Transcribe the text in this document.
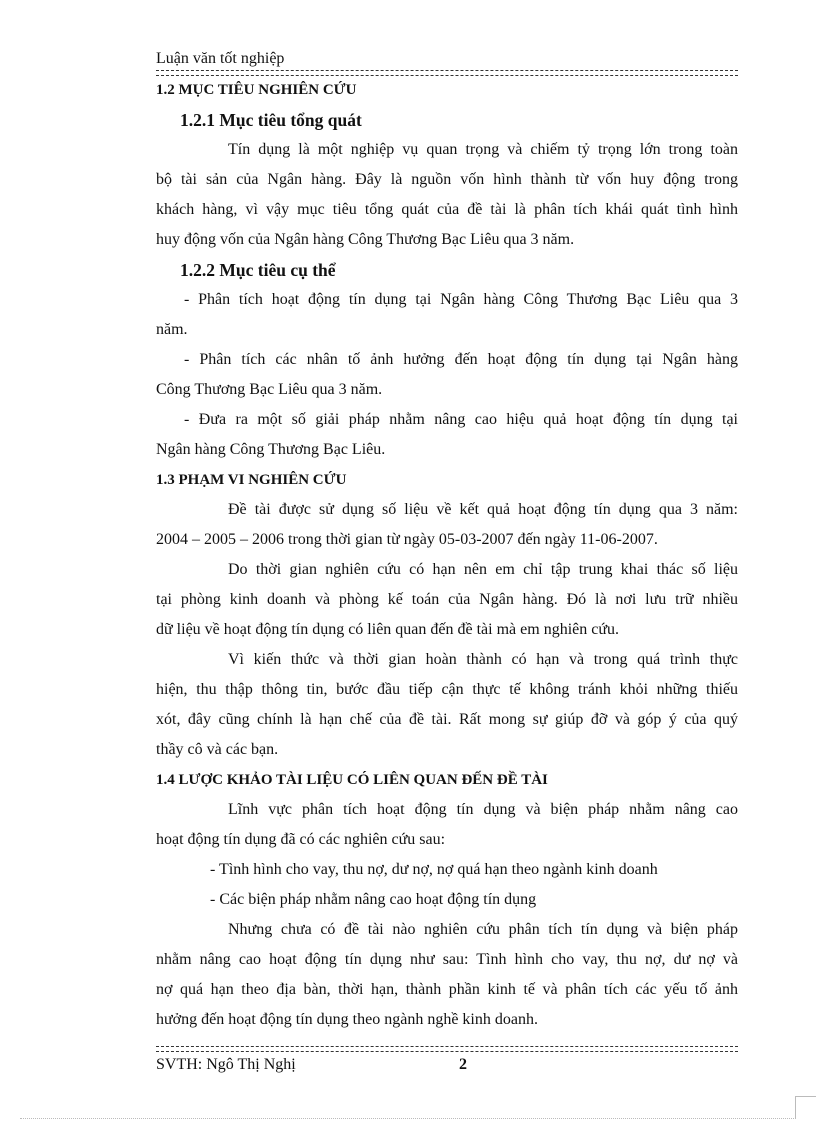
Luận văn tốt nghiệp
1.2 MỤC TIÊU NGHIÊN CỨU
1.2.1 Mục tiêu tổng quát
Tín dụng là một nghiệp vụ quan trọng và chiếm tỷ trọng lớn trong toàn
bộ tài sản của Ngân hàng. Đây là nguồn vốn hình thành từ vốn huy động trong
khách hàng, vì vậy mục tiêu tổng quát của đề tài là phân tích khái quát tình hình
huy động vốn của Ngân hàng Công Thương Bạc Liêu qua 3 năm.
1.2.2 Mục tiêu cụ thể
- Phân tích hoạt động tín dụng tại Ngân hàng Công Thương Bạc Liêu qua 3
năm.
- Phân tích các nhân tố ảnh hưởng đến hoạt động tín dụng tại Ngân hàng
Công Thương Bạc Liêu qua 3 năm.
- Đưa ra một số giải pháp nhằm nâng cao hiệu quả hoạt động tín dụng tại
Ngân hàng Công Thương Bạc Liêu.
1.3 PHẠM VI NGHIÊN CỨU
Đề tài được sử dụng số liệu về kết quả hoạt động tín dụng qua 3 năm:
2004 – 2005 – 2006 trong thời gian từ ngày 05-03-2007 đến ngày 11-06-2007.
Do thời gian nghiên cứu có hạn nên em chỉ tập trung khai thác số liệu
tại phòng kinh doanh và phòng kế toán của Ngân hàng. Đó là nơi lưu trữ nhiều
dữ liệu về hoạt động tín dụng có liên quan đến đề tài mà em nghiên cứu.
Vì kiến thức và thời gian hoàn thành có hạn và trong quá trình thực
hiện, thu thập thông tin, bước đầu tiếp cận thực tế không tránh khỏi những thiếu
xót, đây cũng chính là hạn chế của đề tài. Rất mong sự giúp đỡ và góp ý của quý
thầy cô và các bạn.
1.4 LƯỢC KHẢO TÀI LIỆU CÓ LIÊN QUAN ĐẾN ĐỀ TÀI
Lĩnh vực phân tích hoạt động tín dụng và biện pháp nhằm nâng cao
hoạt động tín dụng đã có các nghiên cứu sau:
- Tình hình cho vay, thu nợ, dư nợ, nợ quá hạn theo ngành kinh doanh
- Các biện pháp nhằm nâng cao hoạt động tín dụng
Nhưng chưa có đề tài nào nghiên cứu phân tích tín dụng và biện pháp
nhằm nâng cao hoạt động tín dụng như sau: Tình hình cho vay, thu nợ, dư nợ và
nợ quá hạn theo địa bàn, thời hạn, thành phần kinh tế và phân tích các yếu tố ảnh
hưởng đến hoạt động tín dụng theo ngành nghề kinh doanh.
SVTH: Ngô Thị Nghị	2
